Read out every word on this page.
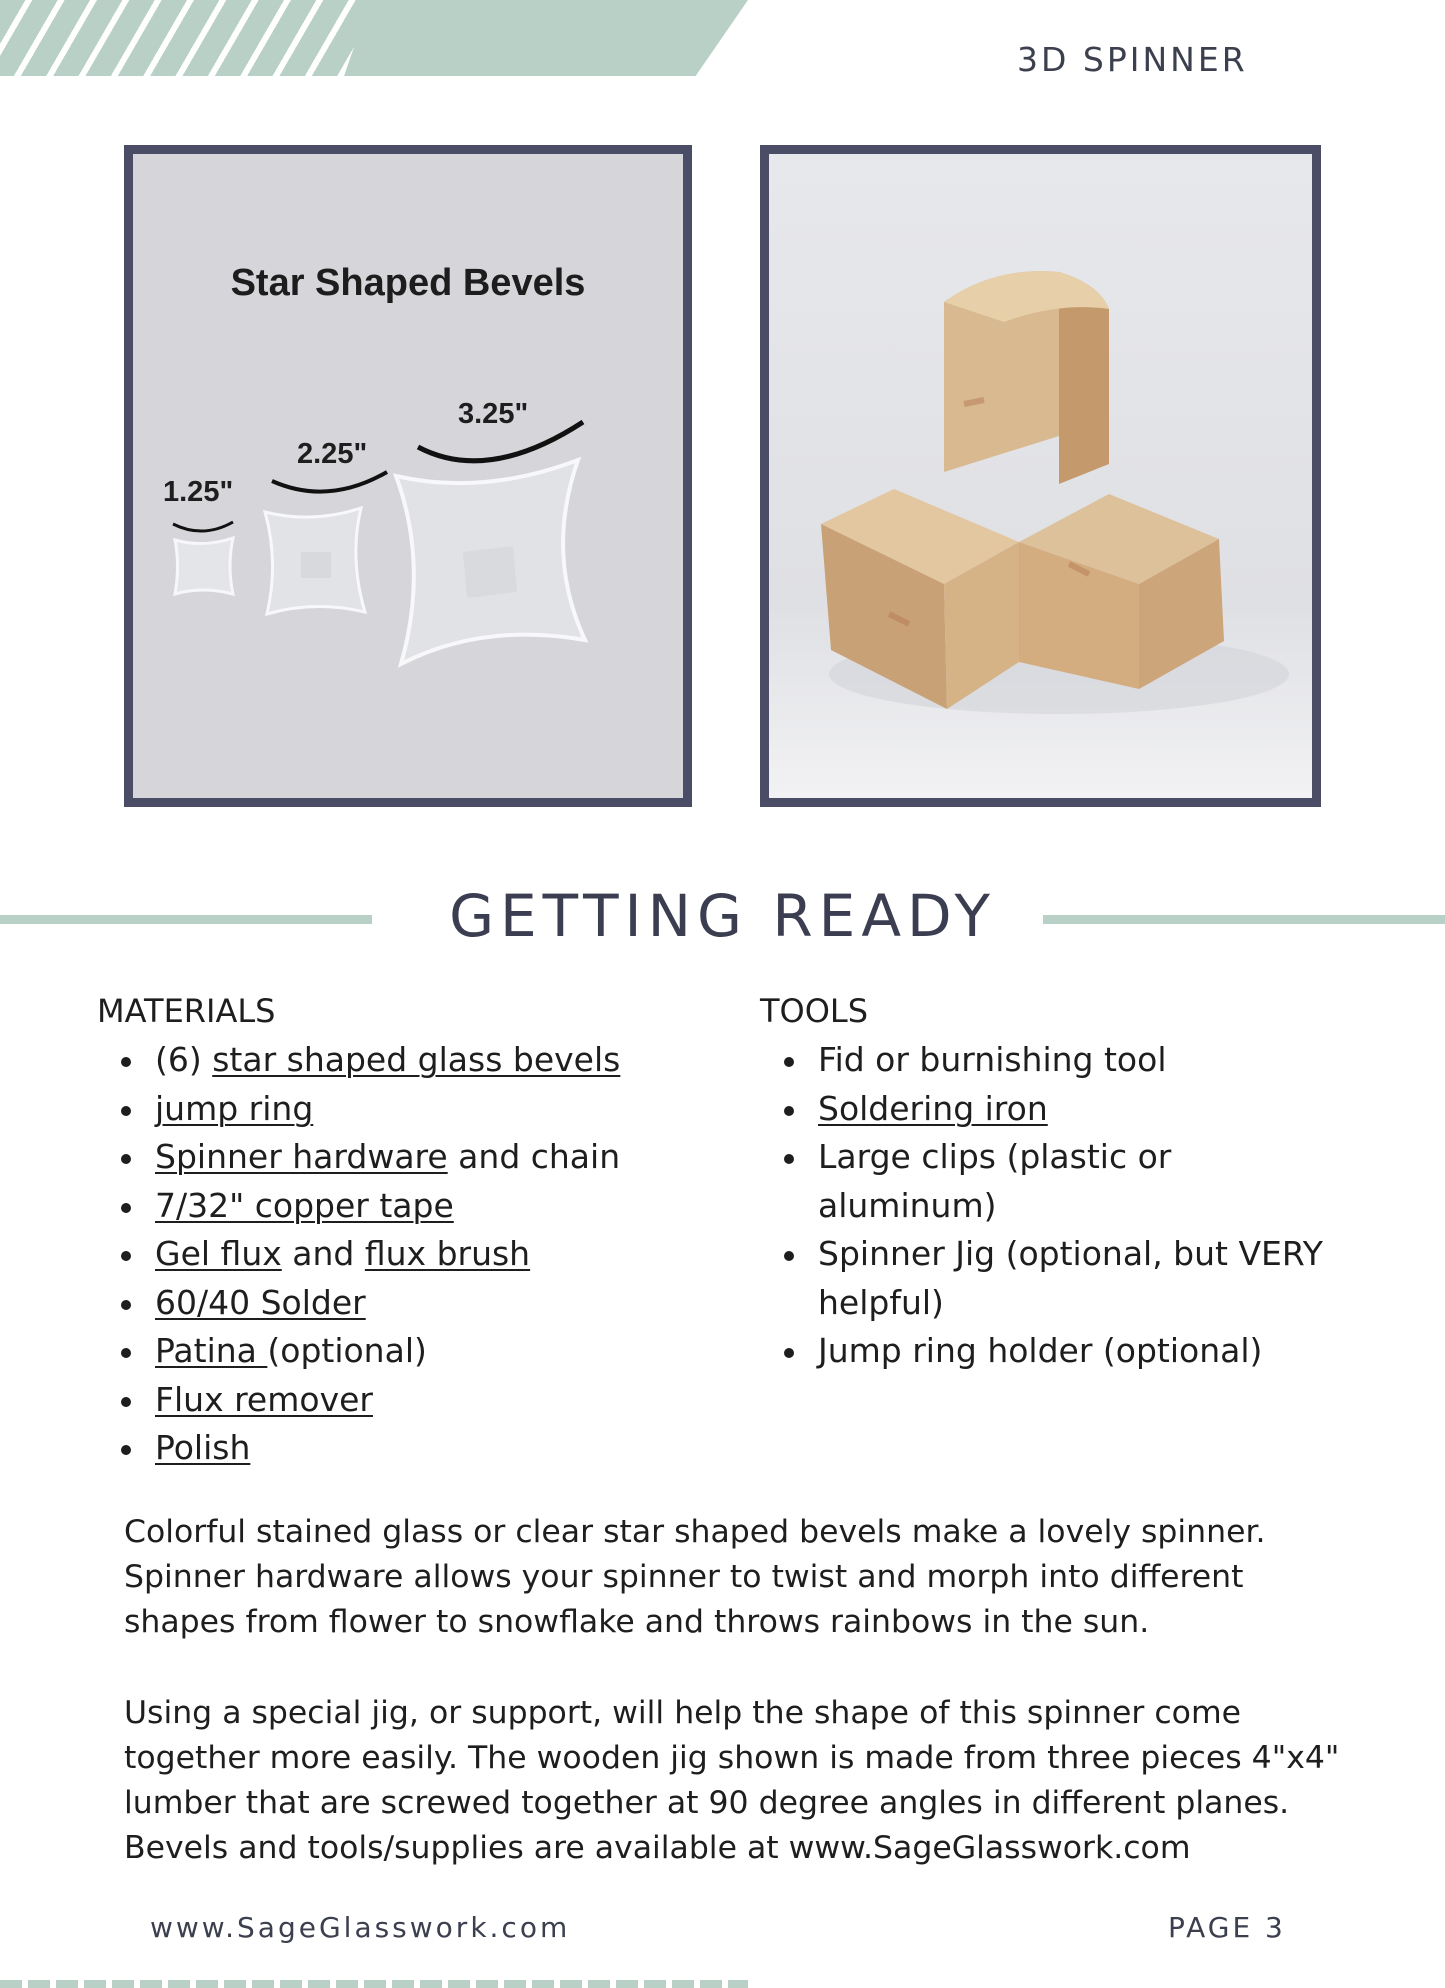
3D SPINNER
Star Shaped Bevels
1.25"
2.25"
3.25"
GETTING READY
MATERIALS
(6) star shaped glass bevels
jump ring
Spinner hardware and chain
7/32" copper tape
Gel flux and flux brush
60/40 Solder
Patina (optional)
Flux remover
Polish
TOOLS
Fid or burnishing tool
Soldering iron
Large clips (plastic or
aluminum)
Spinner Jig (optional, but VERY
helpful)
Jump ring holder (optional)

Colorful stained glass or clear star shaped bevels make a lovely spinner. Spinner hardware allows your spinner to twist and morph into different shapes from flower to snowflake and throws rainbows in the sun.

Using a special jig, or support, will help the shape of this spinner come together more easily. The wooden jig shown is made from three pieces 4"x4" lumber that are screwed together at 90 degree angles in different planes. Bevels and tools/supplies are available at www.SageGlasswork.com

www.SageGlasswork.com	PAGE 3
